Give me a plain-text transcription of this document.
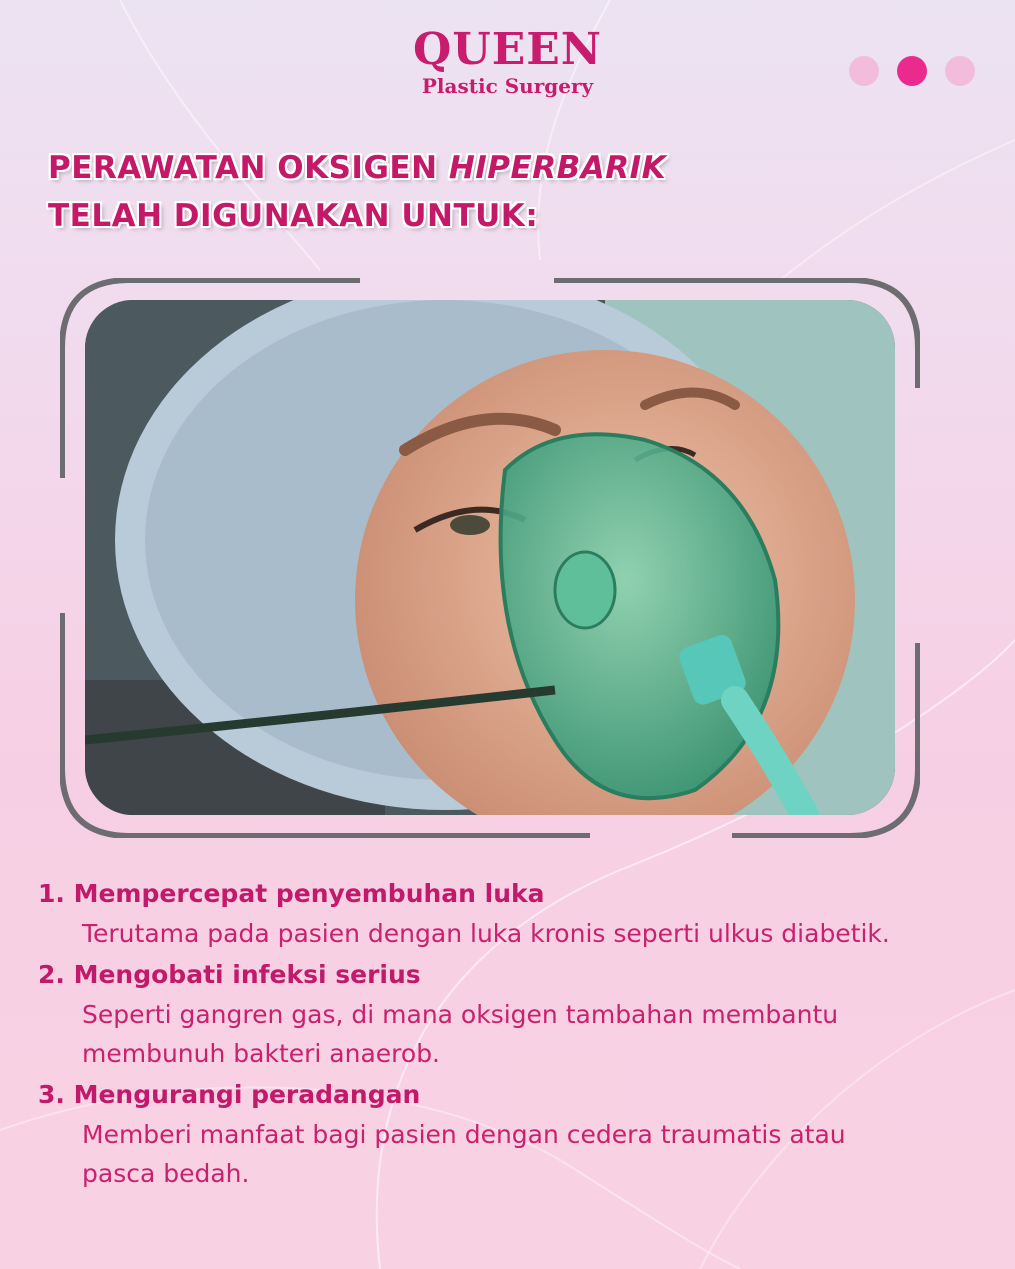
QUEEN
Plastic Surgery
PERAWATAN OKSIGEN HIPERBARIK
TELAH DIGUNAKAN UNTUK:
1. Mempercepat penyembuhan luka
Terutama pada pasien dengan luka kronis seperti ulkus diabetik.
2. Mengobati infeksi serius
Seperti gangren gas, di mana oksigen tambahan membantu
membunuh bakteri anaerob.
3. Mengurangi peradangan
Memberi manfaat bagi pasien dengan cedera traumatis atau
pasca bedah.
